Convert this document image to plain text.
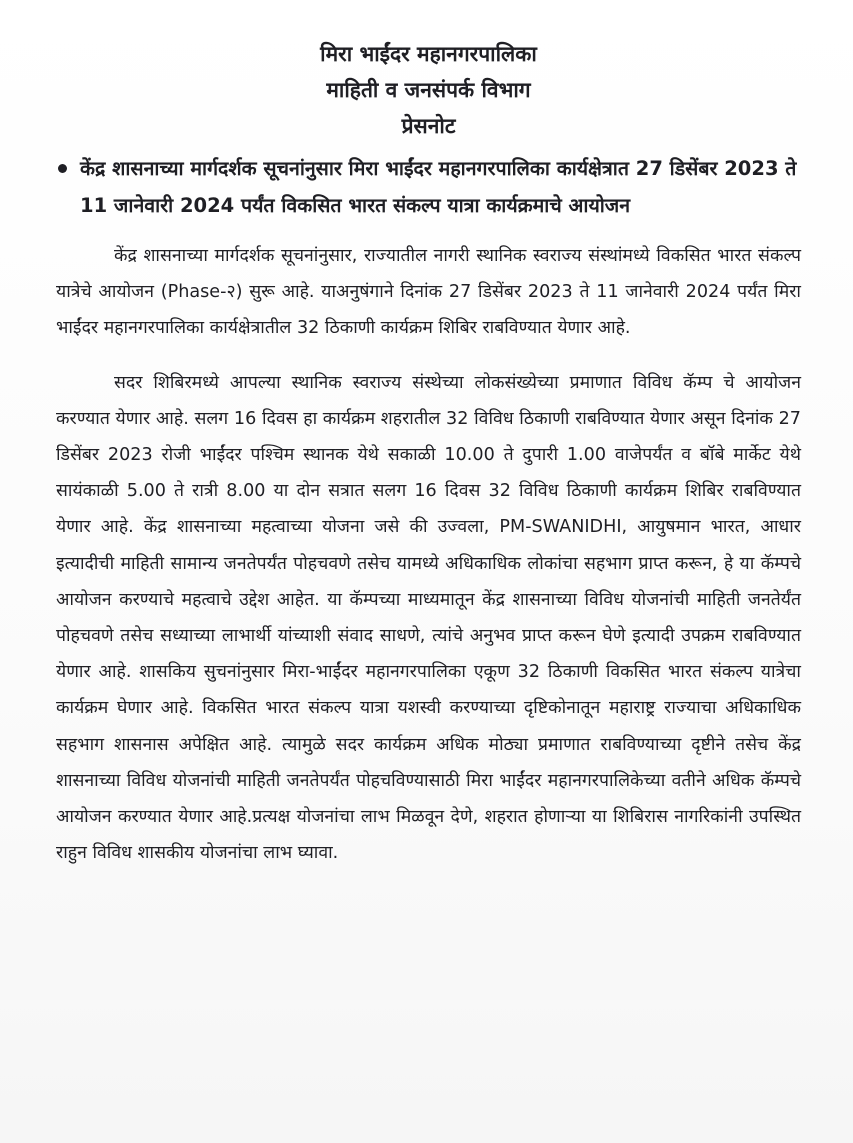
मिरा भाईंदर महानगरपालिका
माहिती व जनसंपर्क विभाग
प्रेसनोट
केंद्र शासनाच्या मार्गदर्शक सूचनांनुसार मिरा भाईंदर महानगरपालिका कार्यक्षेत्रात 27 डिसेंबर 2023 ते 11 जानेवारी 2024 पर्यंत विकसित भारत संकल्प यात्रा कार्यक्रमाचे आयोजन

केंद्र शासनाच्या मार्गदर्शक सूचनांनुसार, राज्यातील नागरी स्थानिक स्वराज्य संस्थांमध्ये विकसित भारत संकल्प यात्रेचे आयोजन (Phase-२) सुरू आहे. याअनुषंगाने दिनांक 27 डिसेंबर 2023 ते 11 जानेवारी 2024 पर्यंत मिरा भाईंदर महानगरपालिका कार्यक्षेत्रातील 32 ठिकाणी कार्यक्रम शिबिर राबविण्यात येणार आहे.

सदर शिबिरमध्ये आपल्या स्थानिक स्वराज्य संस्थेच्या लोकसंख्येच्या प्रमाणात विविध कॅम्प चे आयोजन करण्यात येणार आहे. सलग 16 दिवस हा कार्यक्रम शहरातील 32 विविध ठिकाणी राबविण्यात येणार असून दिनांक 27 डिसेंबर 2023 रोजी भाईंदर पश्चिम स्थानक येथे सकाळी 10.00 ते दुपारी 1.00 वाजेपर्यंत व बॉबे मार्केट येथे सायंकाळी 5.00 ते रात्री 8.00 या दोन सत्रात सलग 16 दिवस 32 विविध ठिकाणी कार्यक्रम शिबिर राबविण्यात येणार आहे. केंद्र शासनाच्या महत्वाच्या योजना जसे की उज्वला, PM-SWANIDHI, आयुषमान भारत, आधार इत्यादीची माहिती सामान्य जनतेपर्यंत पोहचवणे तसेच यामध्ये अधिकाधिक लोकांचा सहभाग प्राप्त करून, हे या कॅम्पचे आयोजन करण्याचे महत्वाचे उद्देश आहेत. या कॅम्पच्या माध्यमातून केंद्र शासनाच्या विविध योजनांची माहिती जनतेर्यंत पोहचवणे तसेच सध्याच्या लाभार्थी यांच्याशी संवाद साधणे, त्यांचे अनुभव प्राप्त करून घेणे इत्यादी उपक्रम राबविण्यात येणार आहे. शासकिय सुचनांनुसार मिरा-भाईंदर महानगरपालिका एकूण 32 ठिकाणी विकसित भारत संकल्प यात्रेचा कार्यक्रम घेणार आहे. विकसित भारत संकल्प यात्रा यशस्वी करण्याच्या दृष्टिकोनातून महाराष्ट्र राज्याचा अधिकाधिक सहभाग शासनास अपेक्षित आहे. त्यामुळे सदर कार्यक्रम अधिक मोठ्या प्रमाणात राबविण्याच्या दृष्टीने तसेच केंद्र शासनाच्या विविध योजनांची माहिती जनतेपर्यंत पोहचविण्यासाठी मिरा भाईंदर महानगरपालिकेच्या वतीने अधिक कॅम्पचे आयोजन करण्यात येणार आहे.प्रत्यक्ष योजनांचा लाभ मिळवून देणे, शहरात होणाऱ्या या शिबिरास नागरिकांनी उपस्थित राहुन विविध शासकीय योजनांचा लाभ घ्यावा.
